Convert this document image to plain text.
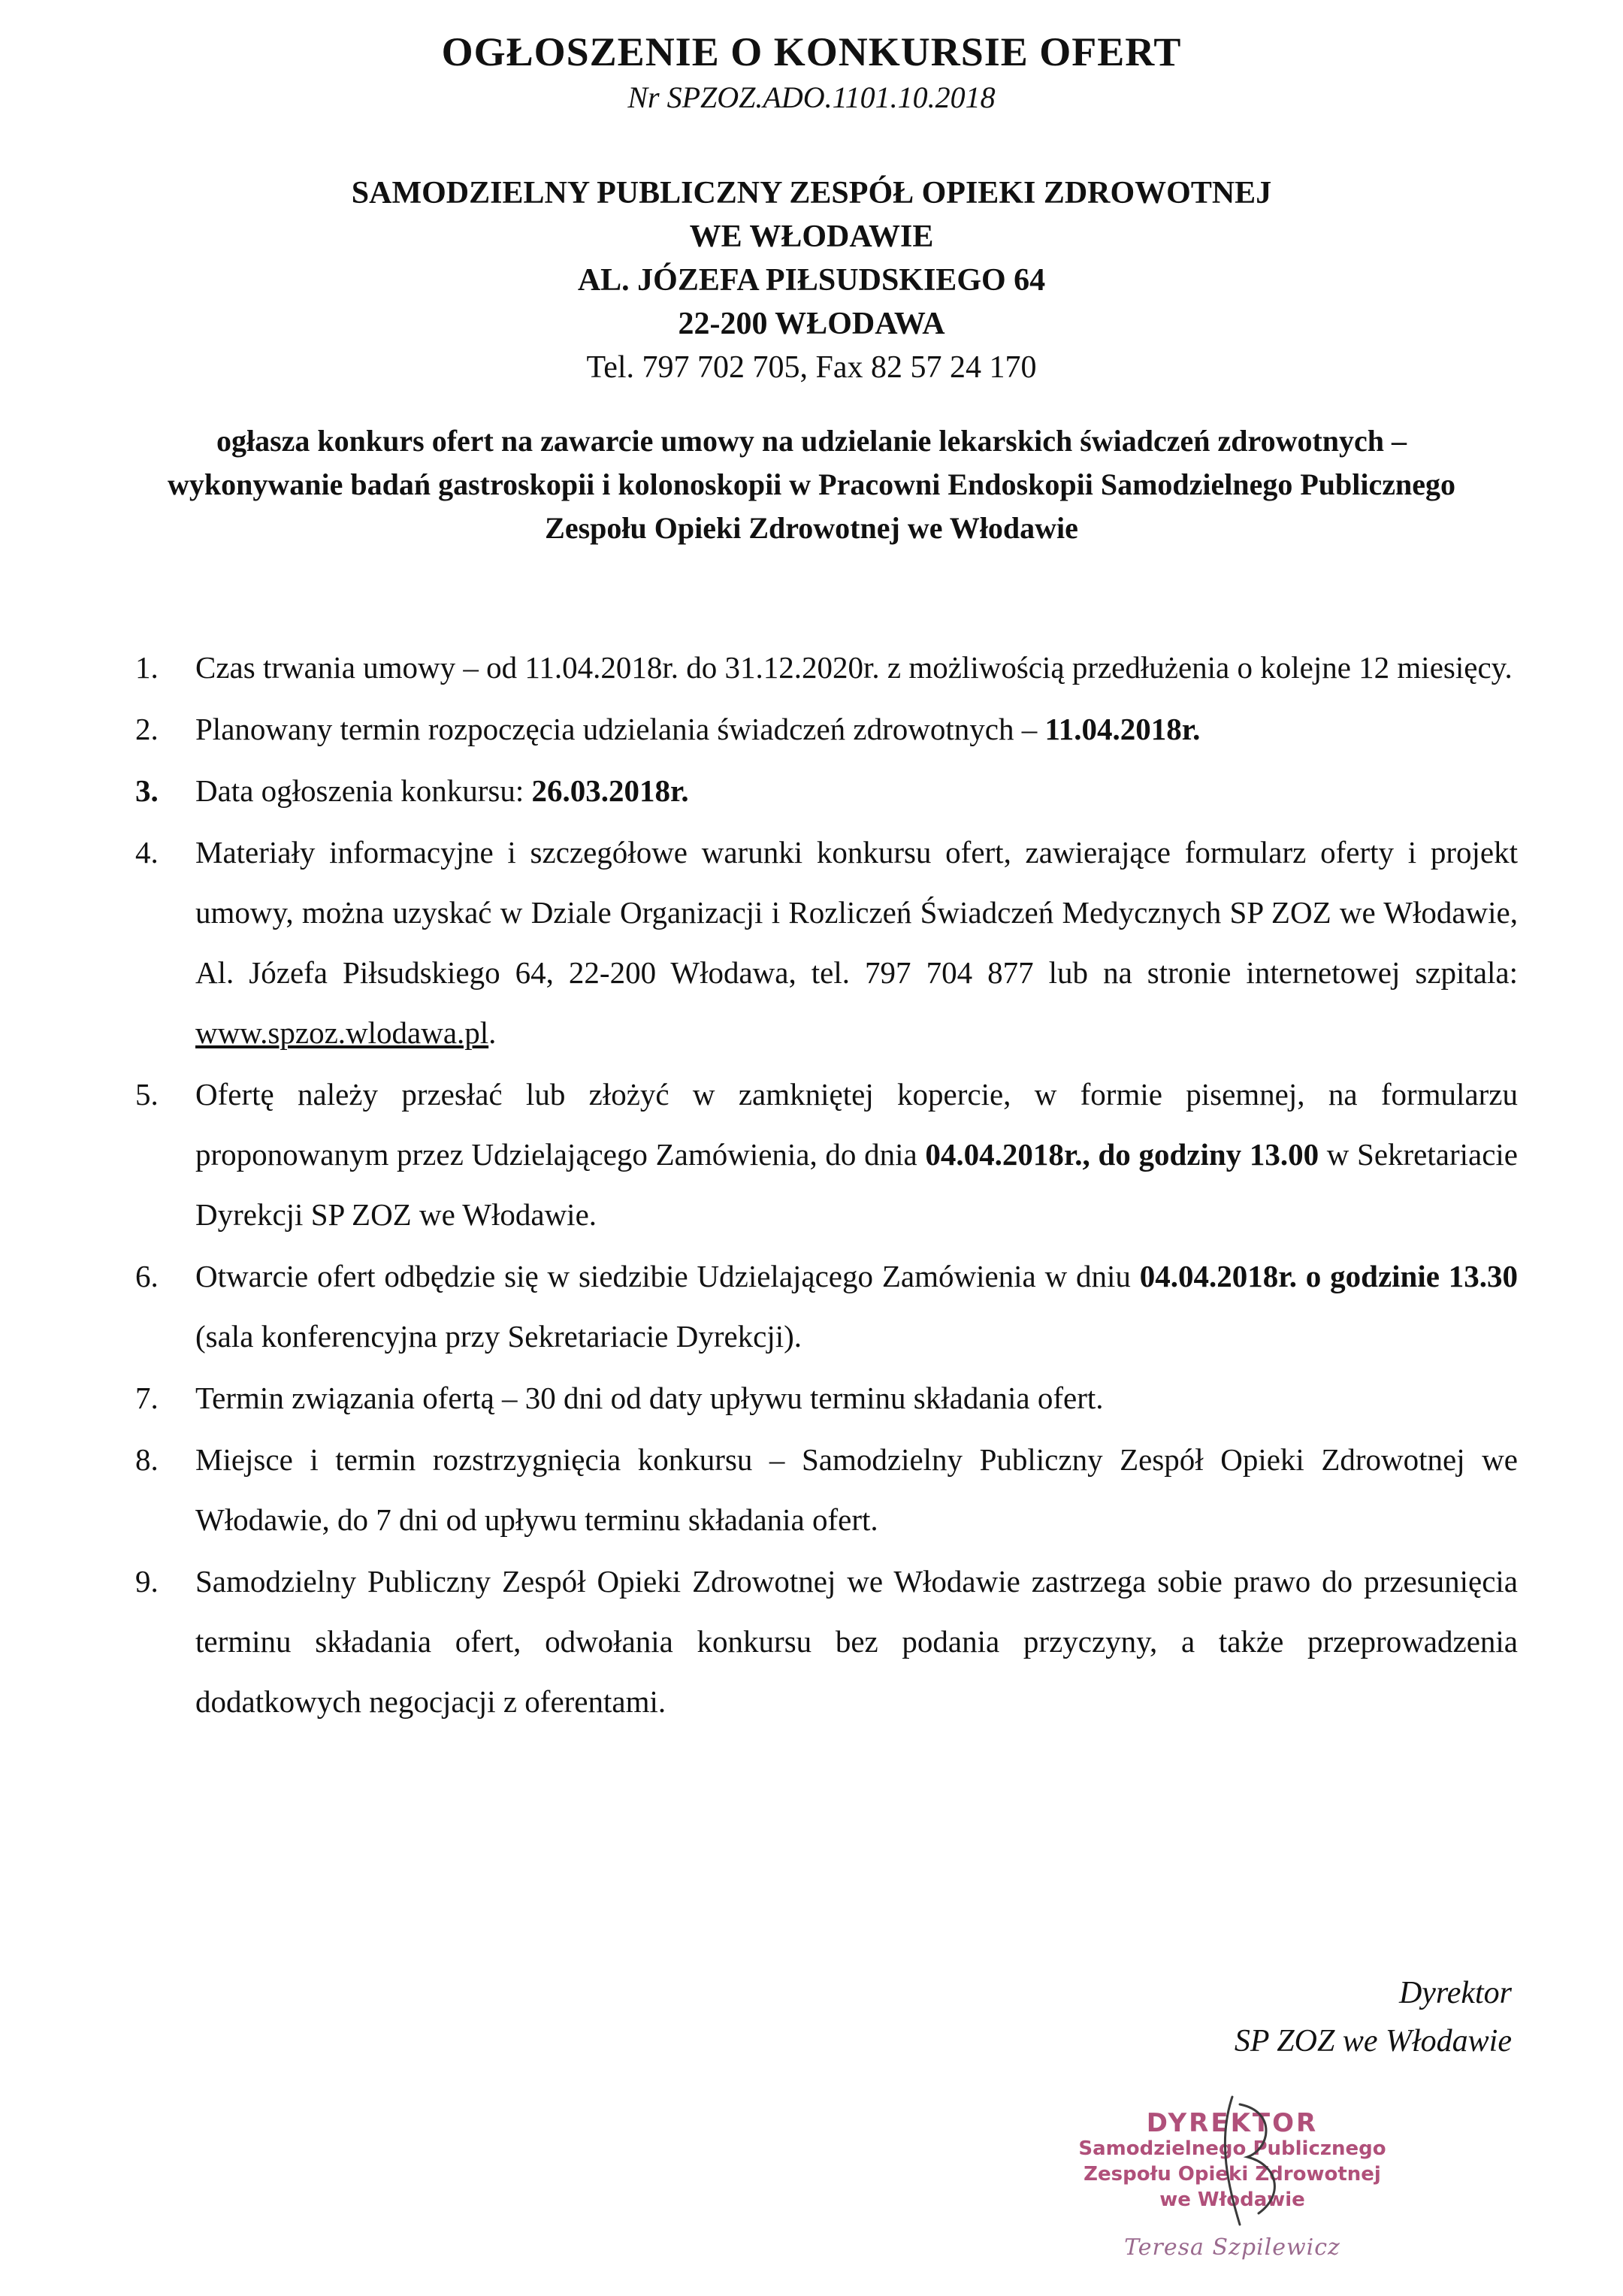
OGŁOSZENIE O KONKURSIE OFERT
Nr SPZOZ.ADO.1101.10.2018
SAMODZIELNY PUBLICZNY ZESPÓŁ OPIEKI ZDROWOTNEJ
WE WŁODAWIE
AL. JÓZEFA PIŁSUDSKIEGO 64
22-200 WŁODAWA
Tel. 797 702 705, Fax 82 57 24 170
ogłasza konkurs ofert na zawarcie umowy na udzielanie lekarskich świadczeń zdrowotnych – wykonywanie badań gastroskopii i kolonoskopii w Pracowni Endoskopii Samodzielnego Publicznego Zespołu Opieki Zdrowotnej we Włodawie
1.	Czas trwania umowy – od 11.04.2018r. do 31.12.2020r. z możliwością przedłużenia o kolejne 12 miesięcy.
2.	Planowany termin rozpoczęcia udzielania świadczeń zdrowotnych – 11.04.2018r.
3.	Data ogłoszenia konkursu: 26.03.2018r.
4.	Materiały informacyjne i szczegółowe warunki konkursu ofert, zawierające formularz oferty i projekt umowy, można uzyskać w Dziale Organizacji i Rozliczeń Świadczeń Medycznych SP ZOZ we Włodawie, Al. Józefa Piłsudskiego 64, 22-200 Włodawa, tel. 797 704 877 lub na stronie internetowej szpitala: www.spzoz.wlodawa.pl.
5.	Ofertę należy przesłać lub złożyć w zamkniętej kopercie, w formie pisemnej, na formularzu proponowanym przez Udzielającego Zamówienia, do dnia 04.04.2018r., do godziny 13.00 w Sekretariacie Dyrekcji SP ZOZ we Włodawie.
6.	Otwarcie ofert odbędzie się w siedzibie Udzielającego Zamówienia w dniu 04.04.2018r. o godzinie 13.30 (sala konferencyjna przy Sekretariacie Dyrekcji).
7.	Termin związania ofertą – 30 dni od daty upływu terminu składania ofert.
8.	Miejsce i termin rozstrzygnięcia konkursu – Samodzielny Publiczny Zespół Opieki Zdrowotnej we Włodawie, do 7 dni od upływu terminu składania ofert.
9.	Samodzielny Publiczny Zespół Opieki Zdrowotnej we Włodawie zastrzega sobie prawo do przesunięcia terminu składania ofert, odwołania konkursu bez podania przyczyny, a także przeprowadzenia dodatkowych negocjacji z oferentami.
Dyrektor
SP ZOZ we Włodawie
DYREKTOR
Samodzielnego Publicznego
Zespołu Opieki Zdrowotnej
we Włodawie
Teresa Szpilewicz
